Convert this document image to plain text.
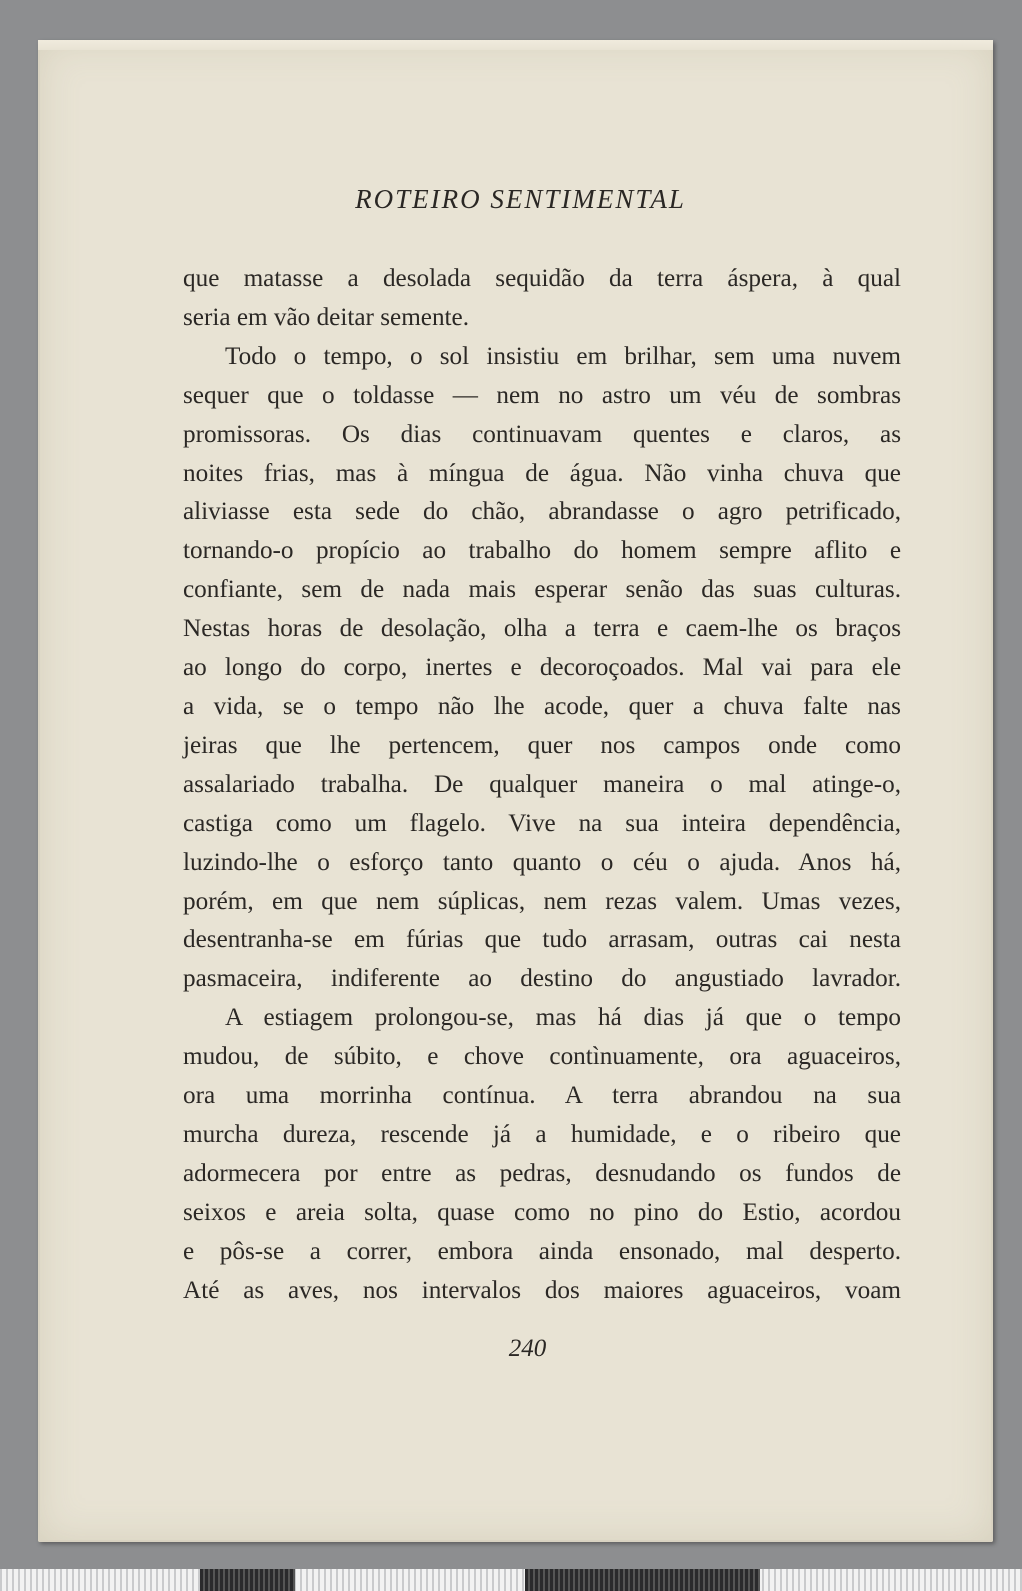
ROTEIRO SENTIMENTAL

que matasse a desolada sequidão da terra áspera, à qual
seria em vão deitar semente.

Todo o tempo, o sol insistiu em brilhar, sem uma nuvem
sequer que o toldasse — nem no astro um véu de sombras
promissoras. Os dias continuavam quentes e claros, as
noites frias, mas à míngua de água. Não vinha chuva que
aliviasse esta sede do chão, abrandasse o agro petrificado,
tornando-o propício ao trabalho do homem sempre aflito e
confiante, sem de nada mais esperar senão das suas culturas.
Nestas horas de desolação, olha a terra e caem-lhe os braços
ao longo do corpo, inertes e decoroçoados. Mal vai para ele
a vida, se o tempo não lhe acode, quer a chuva falte nas
jeiras que lhe pertencem, quer nos campos onde como
assalariado trabalha. De qualquer maneira o mal atinge-o,
castiga como um flagelo. Vive na sua inteira dependência,
luzindo-lhe o esforço tanto quanto o céu o ajuda. Anos há,
porém, em que nem súplicas, nem rezas valem. Umas vezes,
desentranha-se em fúrias que tudo arrasam, outras cai nesta
pasmaceira, indiferente ao destino do angustiado lavrador.

A estiagem prolongou-se, mas há dias já que o tempo
mudou, de súbito, e chove contìnuamente, ora aguaceiros,
ora uma morrinha contínua. A terra abrandou na sua
murcha dureza, rescende já a humidade, e o ribeiro que
adormecera por entre as pedras, desnudando os fundos de
seixos e areia solta, quase como no pino do Estio, acordou
e pôs-se a correr, embora ainda ensonado, mal desperto.
Até as aves, nos intervalos dos maiores aguaceiros, voam

240
